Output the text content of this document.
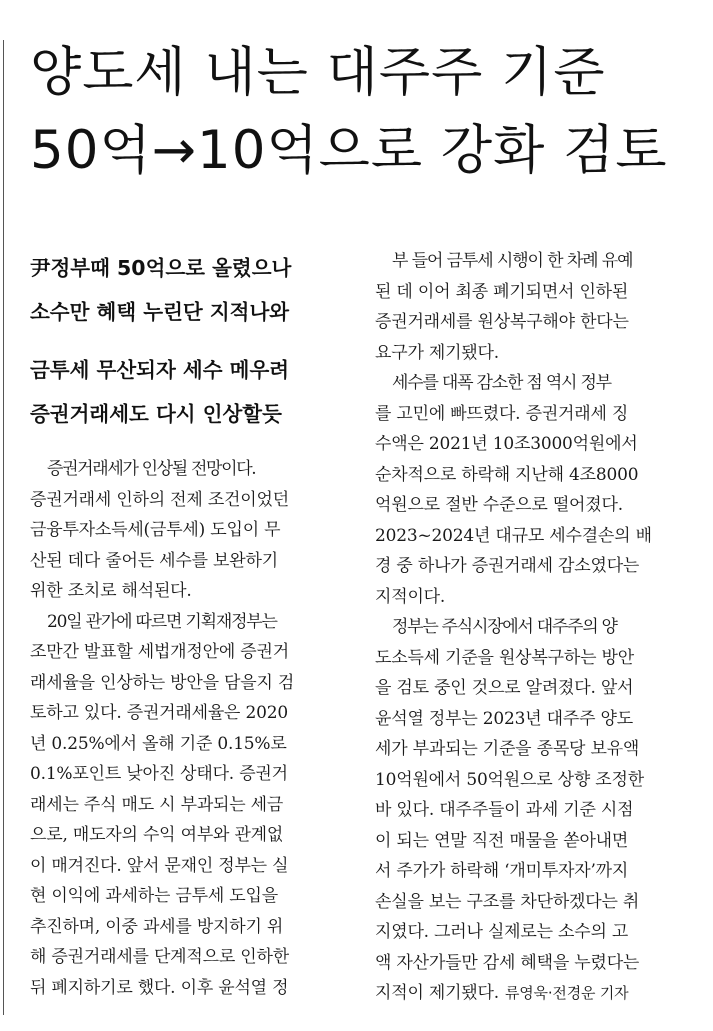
양도세 내는 대주주 기준
50억→10억으로 강화 검토

尹정부때 50억으로 올렸으나
소수만 혜택 누린단 지적나와

금투세 무산되자 세수 메우려
증권거래세도 다시 인상할듯

증권거래세가 인상될 전망이다.
증권거래세 인하의 전제 조건이었던
금융투자소득세(금투세) 도입이 무
산된 데다 줄어든 세수를 보완하기
위한 조치로 해석된다.

20일 관가에 따르면 기획재정부는
조만간 발표할 세법개정안에 증권거
래세율을 인상하는 방안을 담을지 검
토하고 있다. 증권거래세율은 2020
년 0.25%에서 올해 기준 0.15%로
0.1%포인트 낮아진 상태다. 증권거
래세는 주식 매도 시 부과되는 세금
으로, 매도자의 수익 여부와 관계없
이 매겨진다. 앞서 문재인 정부는 실
현 이익에 과세하는 금투세 도입을
추진하며, 이중 과세를 방지하기 위
해 증권거래세를 단계적으로 인하한
뒤 폐지하기로 했다. 이후 윤석열 정

부 들어 금투세 시행이 한 차례 유예
된 데 이어 최종 폐기되면서 인하된
증권거래세를 원상복구해야 한다는
요구가 제기됐다.

세수를 대폭 감소한 점 역시 정부
를 고민에 빠뜨렸다. 증권거래세 징
수액은 2021년 10조3000억원에서
순차적으로 하락해 지난해 4조8000
억원으로 절반 수준으로 떨어졌다.
2023~2024년 대규모 세수결손의 배
경 중 하나가 증권거래세 감소였다는
지적이다.

정부는 주식시장에서 대주주의 양
도소득세 기준을 원상복구하는 방안
을 검토 중인 것으로 알려졌다. 앞서
윤석열 정부는 2023년 대주주 양도
세가 부과되는 기준을 종목당 보유액
10억원에서 50억원으로 상향 조정한
바 있다. 대주주들이 과세 기준 시점
이 되는 연말 직전 매물을 쏟아내면
서 주가가 하락해 ‘개미투자자’까지
손실을 보는 구조를 차단하겠다는 취
지였다. 그러나 실제로는 소수의 고
액 자산가들만 감세 혜택을 누렸다는
지적이 제기됐다. 류영욱·전경운 기자
